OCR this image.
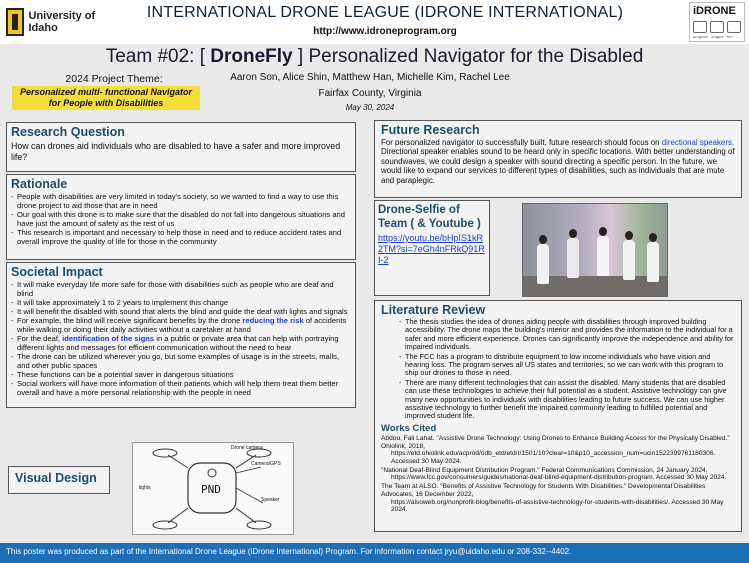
University of Idaho
INTERNATIONAL DRONE LEAGUE (IDRONE INTERNATIONAL)
http://www.idroneprogram.org
iDRONE
program · league · fun
Team #02: [ DroneFly ] Personalized Navigator for the Disabled
2024 Project Theme:
Personalized multi- functional Navigator for People with Disabilities
Aaron Son, Alice Shin, Matthew Han, Michelle Kim, Rachel Lee
Fairfax County, Virginia
May 30, 2024
Research Question

How can drones aid individuals who are disabled to have a safer and more improved life?

Rationale
- People with disabilities are very limited in today's society, so we wanted to find a way to use this drone project to aid those that are in need
- Our goal with this drone is to make sure that the disabled do not fall into dangerous situations and have just the amount of safety as the rest of us
- This research is important and necessary to help those in need and to reduce accident rates and overall improve the quality of life for those in the community
Societal Impact
- It will make everyday life more safe for those with disabilities such as people who are deaf and blind
- It will take approximately 1 to 2 years to implement this change
- It will benefit the disabled with sound that alerts the blind and guide the deaf with lights and signals
- For example, the blind will receive significant benefits by the drone reducing the risk of accidents while walking or doing their daily activities without a caretaker at hand
- For the deaf, identification of the signs in a public or private area that can help with portraying different lights and messages for efficient communication without the need to hear
- The drone can be utilized wherever you go, but some examples of usage is in the streets, malls, and other public spaces
- These functions can be a potential saver in dangerous situations
- Social workers will have more information of their patients which will help them treat them better overall and have a more personal relationship with the people in need
Visual Design
PND
Drone camera
Speaker
Camera/GPS
lights
Future Research

For personalized navigator to successfully built, future research should focus on directional speakers. Directional speaker enables sound to be heard only in specific locations. With better understanding of soundwaves, we could design a speaker with sound directing a specific person. In the future, we would like to expand our services to different types of disabilities, such as individuals that are mute and paraplegic.

Drone-Selfie of Team ( & Youtube )
https://youtu.be/bHpIS1kR2TM?si=7eGh4nFRkQ91RI-2
Literature Review
- The thesis studies the idea of drones aiding people with disabilities through improved building accessibility. The drone maps the building's interior and provides the information to the individual for a safer and more efficient experience. Drones can significantly improve the independence and ability for impaired individuals.
- The FCC has a program to distribute equipment to low income individuals who have vision and hearing loss. The program serves all US states and territories, so we can work with this program to ship our drones to those in need.
- There are many different technologies that can assist the disabled. Many students that are disabled can use these technologies to achieve their full potential as a student. Assistive technology can give many new opportunities to individuals with disabilities leading to future success. We can use higher assistive technology to further benefit the impaired community leading to fulfilled potential and improved student life.
Works Cited
Abdou, Fali Lahat. "Assistive Drone Technology: Using Drones to Enhance Building Access for the Physically Disabled." Ohiolink, 2018,
https://etd.ohiolink.edu/acprod/odb_etd/etd/r/1501/10?clear=10&p10_accession_num=ucin1522399761180306. Accessed 30 May 2024.
"National Deaf-Blind Equipment Distribution Program." Federal Communications Commission, 24 January 2024,
https://www.fcc.gov/consumers/guides/national-deaf-blind-equipment-distribution-program. Accessed 30 May 2024.
The Team at ALSO. "Benefits of Assistive Technology for Students With Disabilities." Developmental Disabilities Advocates, 16 December 2022,
https://alsoweb.org/nonprofit-blog/benefits-of-assistive-technology-for-students-with-disabilities/. Accessed 30 May 2024.
This poster was produced as part of the International Drone League (iDrone International) Program. For information contact jryu@uidaho.edu or 208-332--4402.
